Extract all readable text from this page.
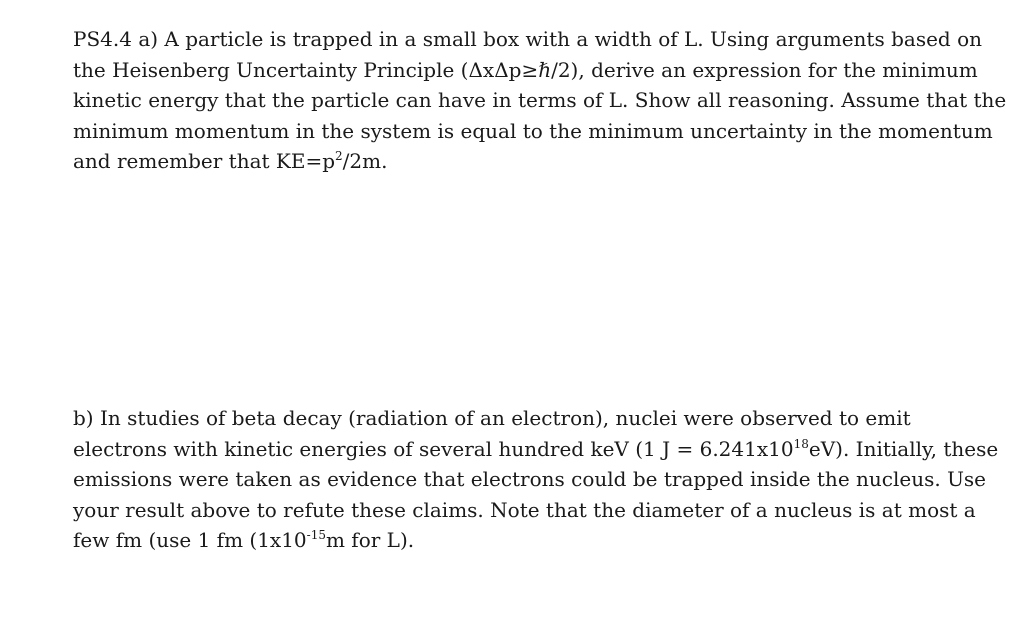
PS4.4 a) A particle is trapped in a small box with a width of L. Using arguments based on
the Heisenberg Uncertainty Principle (ΔxΔp≥ℏ/2), derive an expression for the minimum
kinetic energy that the particle can have in terms of L. Show all reasoning. Assume that the
minimum momentum in the system is equal to the minimum uncertainty in the momentum
and remember that $KE=p^2/2m$.
b) In studies of beta decay (radiation of an electron), nuclei were observed to emit
electrons with kinetic energies of several hundred keV (1 $J = 6.241x10^{18}eV$). Initially, these
emissions were taken as evidence that electrons could be trapped inside the nucleus. Use
your result above to refute these claims. Note that the diameter of a nucleus is at most a
few fm (use 1 fm ($1x10^{-15}m$ for L).
